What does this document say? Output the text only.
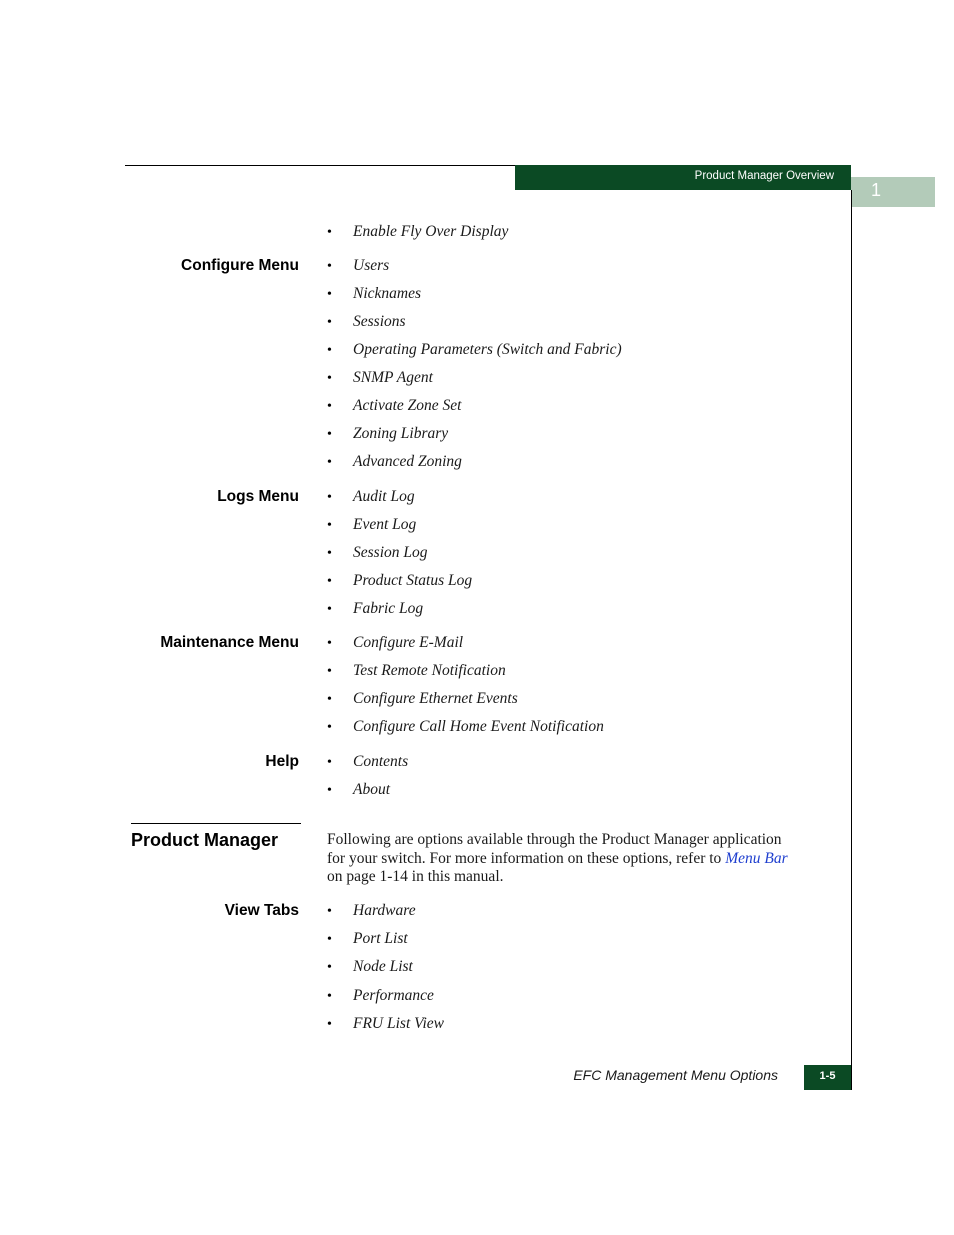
Product Manager Overview
1
• Enable Fly Over Display
Configure Menu • Users
• Nicknames
• Sessions
• Operating Parameters (Switch and Fabric)
• SNMP Agent
• Activate Zone Set
• Zoning Library
• Advanced Zoning
Logs Menu • Audit Log
• Event Log
• Session Log
• Product Status Log
• Fabric Log
Maintenance Menu • Configure E-Mail
• Test Remote Notification
• Configure Ethernet Events
• Configure Call Home Event Notification
Help • Contents
• About
Product Manager	Following are options available through the Product Manager application for your switch. For more information on these options, refer to Menu Bar on page 1-14 in this manual.
View Tabs • Hardware
• Port List
• Node List
• Performance
• FRU List View
EFC Management Menu Options	1-5
